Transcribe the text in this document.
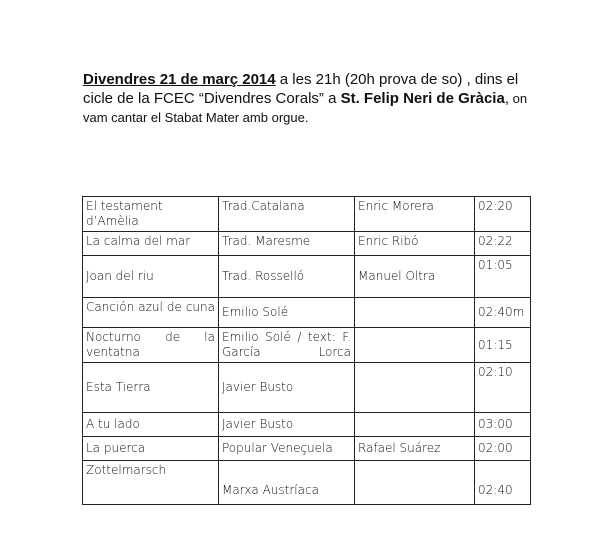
Divendres 21 de març 2014 a les 21h (20h prova de so) , dins el cicle de la FCEC “Divendres Corals” a St. Felip Neri de Gràcia, on vam cantar el Stabat Mater amb orgue.
El testament d’Amèlia	Trad.Catalana	Enric Morera	02:20
La calma del mar	Trad. Maresme	Enric Ribó	02:22
Joan del riu	Trad. Rosselló	Manuel Oltra	01:05
Canción azul de cuna	Emilio Solé		02:40m
Nocturno de la ventatna	Emilio Solé / text: F. García Lorca		01:15
Esta Tierra	Javier Busto		02:10
A tu lado	Javier Busto		03:00
La puerca	Popular Veneçuela	Rafael Suárez	02:00
Zottelmarsch	Marxa Austríaca		02:40
